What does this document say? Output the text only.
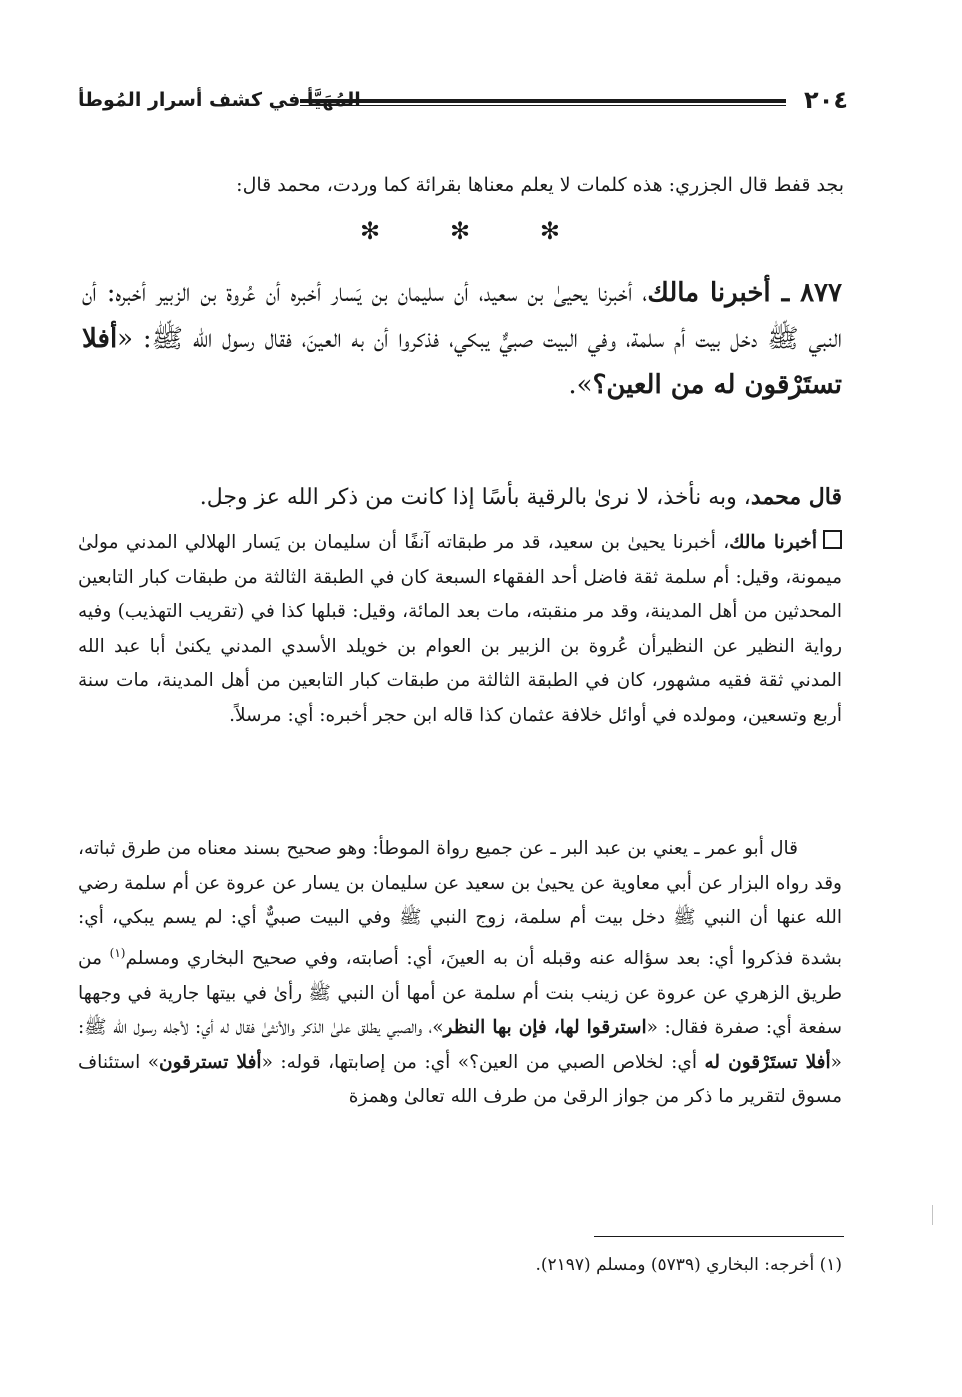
٢٠٤
المُهَيَّأ في كشف أسرار المُوطأ

بجد قفط قال الجزري: هذه كلمات لا يعلم معناها بقرائة كما وردت، محمد قال:

✻	✻	✻

٨٧٧ ـ أخبرنا مالك، أخبرنا يحيىٰ بن سعيد، أن سليمان بن يَسار أخبره أن عُروة بن الزبير أخبره: أن النبي ﷺ دخل بيت أم سلمة، وفي البيت صبيٌّ يبكي، فذكروا أن به العينَ، فقال رسول الله ﷺ: «أفلا تستَرْقون له من العين؟».

قال محمد، وبه نأخذ، لا نرىٰ بالرقية بأسًا إذا كانت من ذكر الله عز وجل.

أخبرنا مالك، أخبرنا يحيىٰ بن سعيد، قد مر طبقاته آنفًا أن سليمان بن يَسار الهلالي المدني مولىٰ ميمونة، وقيل: أم سلمة ثقة فاضل أحد الفقهاء السبعة كان في الطبقة الثالثة من طبقات كبار التابعين المحدثين من أهل المدينة، وقد مر منقبته، مات بعد المائة، وقيل: قبلها كذا في (تقريب التهذيب) وفيه رواية النظير عن النظيرأن عُروة بن الزبير بن العوام بن خويلد الأسدي المدني يكنىٰ أبا عبد الله المدني ثقة فقيه مشهور، كان في الطبقة الثالثة من طبقات كبار التابعين من أهل المدينة، مات سنة أربع وتسعين، ومولده في أوائل خلافة عثمان كذا قاله ابن حجر أخبره: أي: مرسلاً.

قال أبو عمر ـ يعني بن عبد البر ـ عن جميع رواة الموطأ: وهو صحيح بسند معناه من طرق ثباته، وقد رواه البزار عن أبي معاوية عن يحيىٰ بن سعيد عن سليمان بن يسار عن عروة عن أم سلمة رضي الله عنها أن النبي ﷺ دخل بيت أم سلمة، زوج النبي ﷺ وفي البيت صبيٌّ أي: لم يسم يبكي، أي: بشدة فذكروا أي: بعد سؤاله عنه وقبله أن به العينَ، أي: أصابته، وفي صحيح البخاري ومسلم$^{(١)}$ من طريق الزهري عن عروة عن زينب بنت أم سلمة عن أمها أن النبي ﷺ رأىٰ في بيتها جارية في وجهها سفعة أي: صفرة فقال: «استرقوا لها، فإن بها النظر»، والصبي يطلق علىٰ الذكر والأنثىٰ فقال له أي: لأجله رسول الله ﷺ: «أفلا تستَرْقون له أي: لخلاص الصبي من العين؟» أي: من إصابتها، قوله: «أفلا تسترقون» استئناف مسوق لتقرير ما ذكر من جواز الرقىٰ من طرف الله تعالىٰ وهمزة

(١) أخرجه: البخاري (٥٧٣٩) ومسلم (٢١٩٧).
